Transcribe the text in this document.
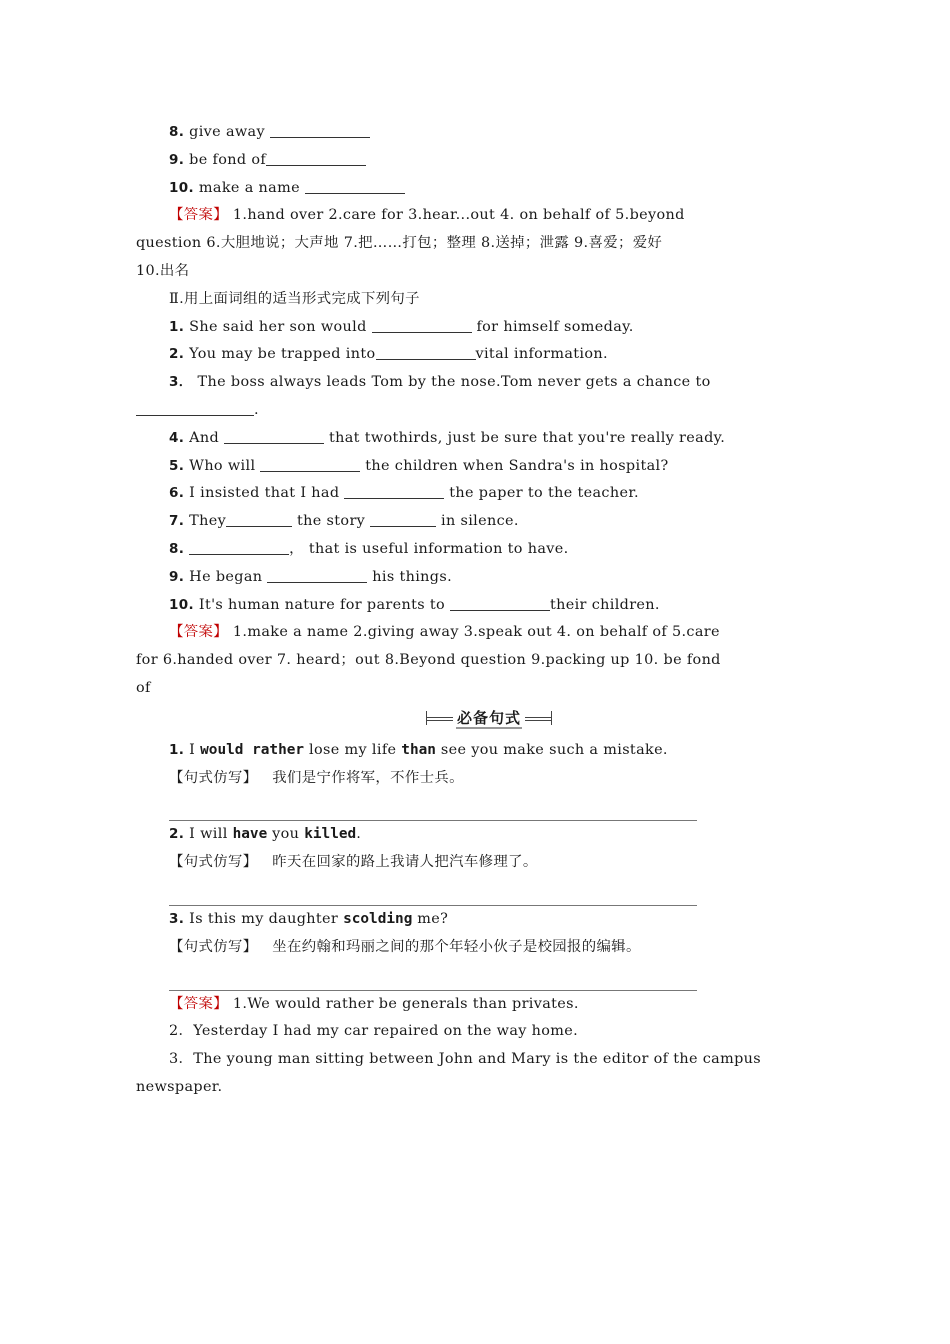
8. give away
9. be fond of
10. make a name
【答案】 1.hand over 2.care for 3.hear...out 4. on behalf of 5.beyond
question 6.大胆地说；大声地 7.把……打包；整理 8.送掉；泄露 9.喜爱；爱好
10.出名
Ⅱ.用上面词组的适当形式完成下列句子
1. She said her son would	for himself someday.
2. You may be trapped into	vital information.
3． The boss always leads Tom by the nose.Tom never gets a chance to
.
4. And	that twothirds, just be sure that you're really ready.
5. Who will	the children when Sandra's in hospital?
6. I insisted that I had	the paper to the teacher.
7. They	the story	in silence.
8.	， that is useful information to have.
9. He began	his things.
10. It's human nature for parents to	their children.
【答案】 1.make a name 2.giving away 3.speak out 4. on behalf of 5.care
for 6.handed over 7. heard；out 8.Beyond question 9.packing up 10. be fond
of
必备句式
1. I would rather lose my life than see you make such a mistake.
【句式仿写】 我们是宁作将军，不作士兵。
2. I will have you killed.
【句式仿写】 昨天在回家的路上我请人把汽车修理了。
3. Is this my daughter scolding me?
【句式仿写】 坐在约翰和玛丽之间的那个年轻小伙子是校园报的编辑。
【答案】 1.We would rather be generals than privates.
2．Yesterday I had my car repaired on the way home.
3．The young man sitting between John and Mary is the editor of the campus
newspaper.
